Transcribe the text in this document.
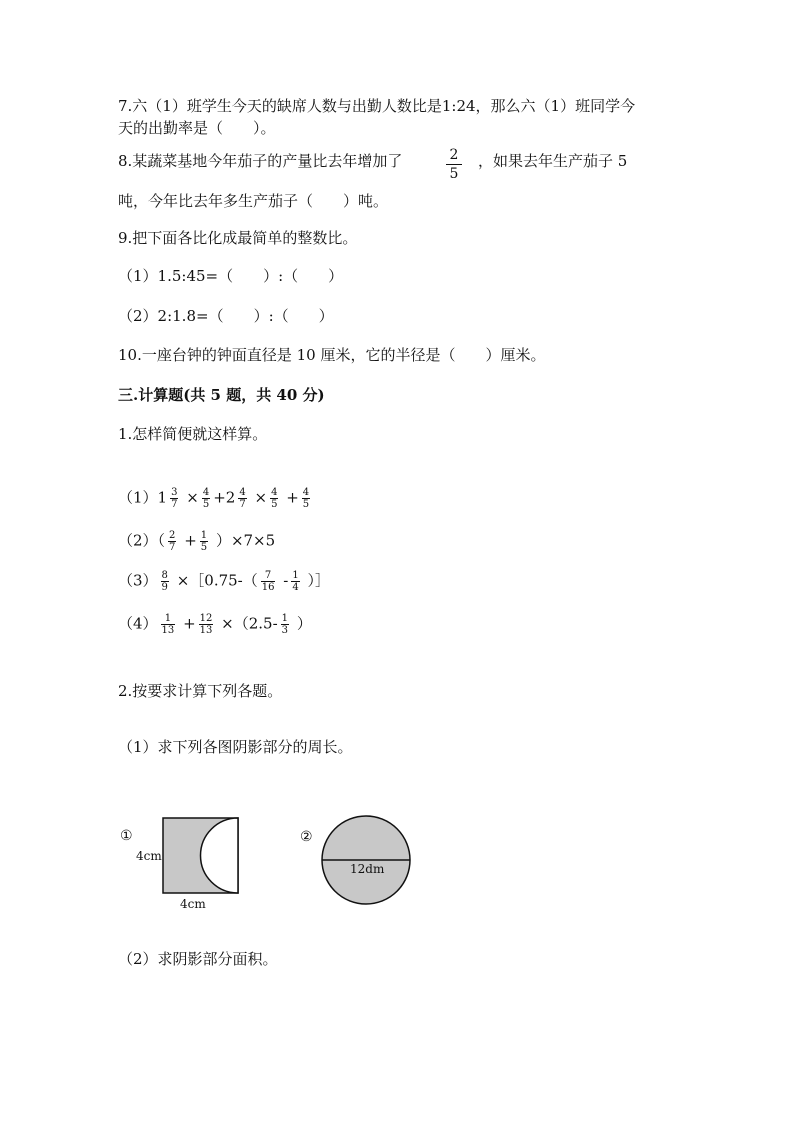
7.六（1）班学生今天的缺席人数与出勤人数比是1:24，那么六（1）班同学今
天的出勤率是（　　）。
8.某蔬菜基地今年茄子的产量比去年增加了	$\frac{2}{5}$ ，如果去年生产茄子 5
吨，今年比去年多生产茄子（　　）吨。
9.把下面各比化成最简单的整数比。
（1）1.5:45=（　　）:（　　）
（2）2:1.8=（　　）:（　　）
10.一座台钟的钟面直径是 10 厘米，它的半径是（　　）厘米。
三.计算题(共 5 题，共 40 分)
1.怎样简便就这样算。
$(1)1 \frac{3}{7} \times \frac{4}{5} +2 \frac{4}{7} \times \frac{4}{5} + \frac{4}{5}$
$(2)( \frac{2}{7} + \frac{1}{5} )\times 7\times 5$
$(3) \frac{8}{9}$ ×［0.75-（ $\frac{7}{16} - \frac{1}{4}$ ）］
$(4) \frac{1}{13} + \frac{12}{13} \times(2.5- \frac{1}{3}$ ）
2.按要求计算下列各题。
（1）求下列各图阴影部分的周长。
①
4cm
4cm
②
12dm
（2）求阴影部分面积。
